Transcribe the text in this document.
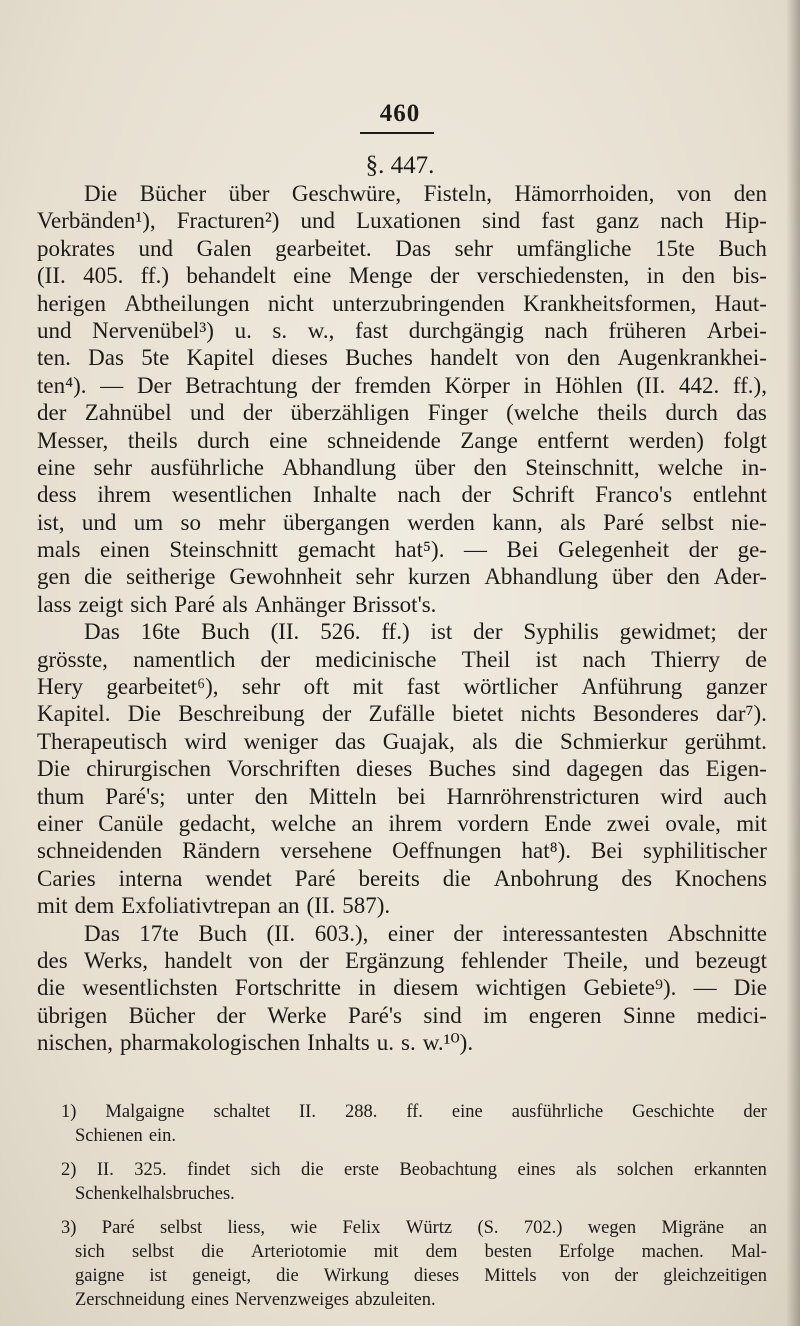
460
§. 447.
Die Bücher über Geschwüre, Fisteln, Hämorrhoiden, von den
Verbänden¹), Fracturen²) und Luxationen sind fast ganz nach Hip-
pokrates und Galen gearbeitet. Das sehr umfängliche 15te Buch
(II. 405. ff.) behandelt eine Menge der verschiedensten, in den bis-
herigen Abtheilungen nicht unterzubringenden Krankheitsformen, Haut-
und Nervenübel³) u. s. w., fast durchgängig nach früheren Arbei-
ten. Das 5te Kapitel dieses Buches handelt von den Augenkrankhei-
ten⁴). — Der Betrachtung der fremden Körper in Höhlen (II. 442. ff.),
der Zahnübel und der überzähligen Finger (welche theils durch das
Messer, theils durch eine schneidende Zange entfernt werden) folgt
eine sehr ausführliche Abhandlung über den Steinschnitt, welche in-
dess ihrem wesentlichen Inhalte nach der Schrift Franco's entlehnt
ist, und um so mehr übergangen werden kann, als Paré selbst nie-
mals einen Steinschnitt gemacht hat⁵). — Bei Gelegenheit der ge-
gen die seitherige Gewohnheit sehr kurzen Abhandlung über den Ader-
lass zeigt sich Paré als Anhänger Brissot's.
Das 16te Buch (II. 526. ff.) ist der Syphilis gewidmet; der
grösste, namentlich der medicinische Theil ist nach Thierry de
Hery gearbeitet⁶), sehr oft mit fast wörtlicher Anführung ganzer
Kapitel. Die Beschreibung der Zufälle bietet nichts Besonderes dar⁷).
Therapeutisch wird weniger das Guajak, als die Schmierkur gerühmt.
Die chirurgischen Vorschriften dieses Buches sind dagegen das Eigen-
thum Paré's; unter den Mitteln bei Harnröhrenstricturen wird auch
einer Canüle gedacht, welche an ihrem vordern Ende zwei ovale, mit
schneidenden Rändern versehene Oeffnungen hat⁸). Bei syphilitischer
Caries interna wendet Paré bereits die Anbohrung des Knochens
mit dem Exfoliativtrepan an (II. 587).
Das 17te Buch (II. 603.), einer der interessantesten Abschnitte
des Werks, handelt von der Ergänzung fehlender Theile, und bezeugt
die wesentlichsten Fortschritte in diesem wichtigen Gebiete⁹). — Die
übrigen Bücher der Werke Paré's sind im engeren Sinne medici-
nischen, pharmakologischen Inhalts u. s. w.¹⁰).
1) Malgaigne schaltet II. 288. ff. eine ausführliche Geschichte der
Schienen ein.
2) II. 325. findet sich die erste Beobachtung eines als solchen erkannten
Schenkelhalsbruches.
3) Paré selbst liess, wie Felix Würtz (S. 702.) wegen Migräne an
sich selbst die Arteriotomie mit dem besten Erfolge machen. Mal-
gaigne ist geneigt, die Wirkung dieses Mittels von der gleichzeitigen
Zerschneidung eines Nervenzweiges abzuleiten.
